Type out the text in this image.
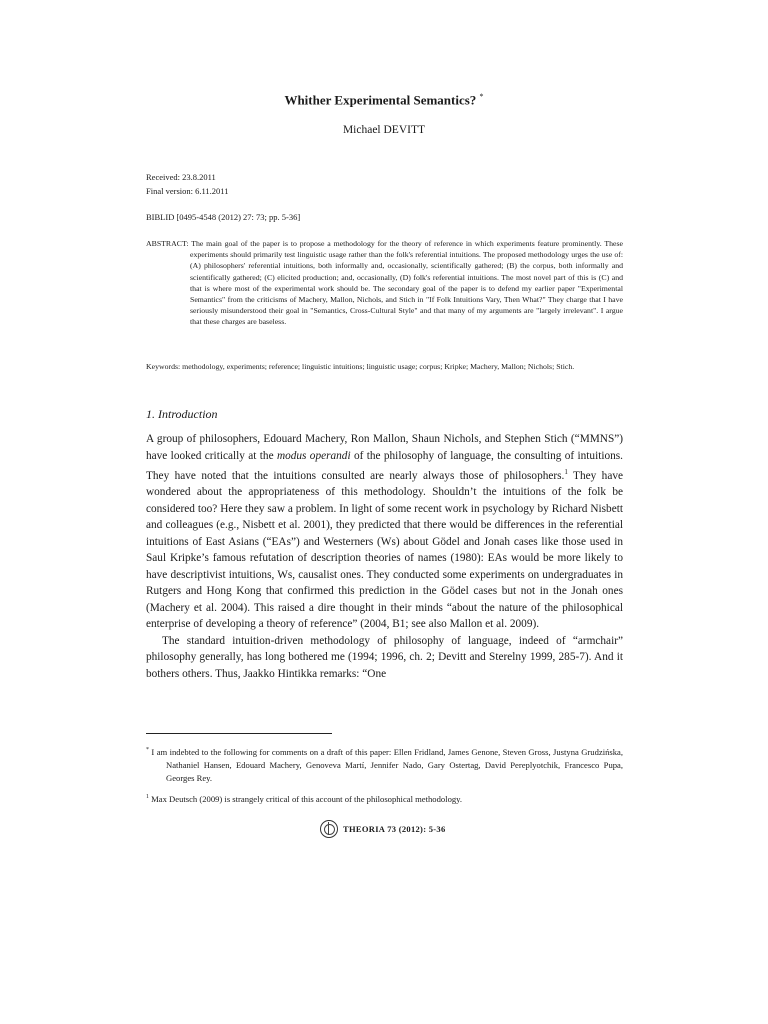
Whither Experimental Semantics? *
Michael DEVITT
Received: 23.8.2011
Final version: 6.11.2011
BIBLID [0495-4548 (2012) 27: 73; pp. 5-36]
ABSTRACT: The main goal of the paper is to propose a methodology for the theory of reference in which experiments feature prominently. These experiments should primarily test linguistic usage rather than the folk's referential intuitions. The proposed methodology urges the use of: (A) philosophers' referential intuitions, both informally and, occasionally, scientifically gathered; (B) the corpus, both informally and scientifically gathered; (C) elicited production; and, occasionally, (D) folk's referential intuitions. The most novel part of this is (C) and that is where most of the experimental work should be. The secondary goal of the paper is to defend my earlier paper "Experimental Semantics" from the criticisms of Machery, Mallon, Nichols, and Stich in "If Folk Intuitions Vary, Then What?" They charge that I have seriously misunderstood their goal in "Semantics, Cross-Cultural Style" and that many of my arguments are "largely irrelevant". I argue that these charges are baseless.
Keywords: methodology, experiments; reference; linguistic intuitions; linguistic usage; corpus; Kripke; Machery, Mallon; Nichols; Stich.
1. Introduction

A group of philosophers, Edouard Machery, Ron Mallon, Shaun Nichols, and Stephen Stich (“MMNS”) have looked critically at the modus operandi of the philosophy of language, the consulting of intuitions. They have noted that the intuitions consulted are nearly always those of philosophers.$^1$ They have wondered about the appropriateness of this methodology. Shouldn’t the intuitions of the folk be considered too? Here they saw a problem. In light of some recent work in psychology by Richard Nisbett and colleagues (e.g., Nisbett et al. 2001), they predicted that there would be differences in the referential intuitions of East Asians (“EAs”) and Westerners (Ws) about Gödel and Jonah cases like those used in Saul Kripke’s famous refutation of description theories of names (1980): EAs would be more likely to have descriptivist intuitions, Ws, causalist ones. They conducted some experiments on undergraduates in Rutgers and Hong Kong that confirmed this prediction in the Gödel cases but not in the Jonah ones (Machery et al. 2004). This raised a dire thought in their minds “about the nature of the philosophical enterprise of developing a theory of reference” (2004, B1; see also Mallon et al. 2009).

The standard intuition-driven methodology of philosophy of language, indeed of “armchair” philosophy generally, has long bothered me (1994; 1996, ch. 2; Devitt and Sterelny 1999, 285-7). And it bothers others. Thus, Jaakko Hintikka remarks: “One

* I am indebted to the following for comments on a draft of this paper: Ellen Fridland, James Genone, Steven Gross, Justyna Grudzińska, Nathaniel Hansen, Edouard Machery, Genoveva Martí, Jennifer Nado, Gary Ostertag, David Pereplyotchik, Francesco Pupa, Georges Rey.
$^1$ Max Deutsch (2009) is strangely critical of this account of the philosophical methodology.
THEORIA 73 (2012): 5-36
